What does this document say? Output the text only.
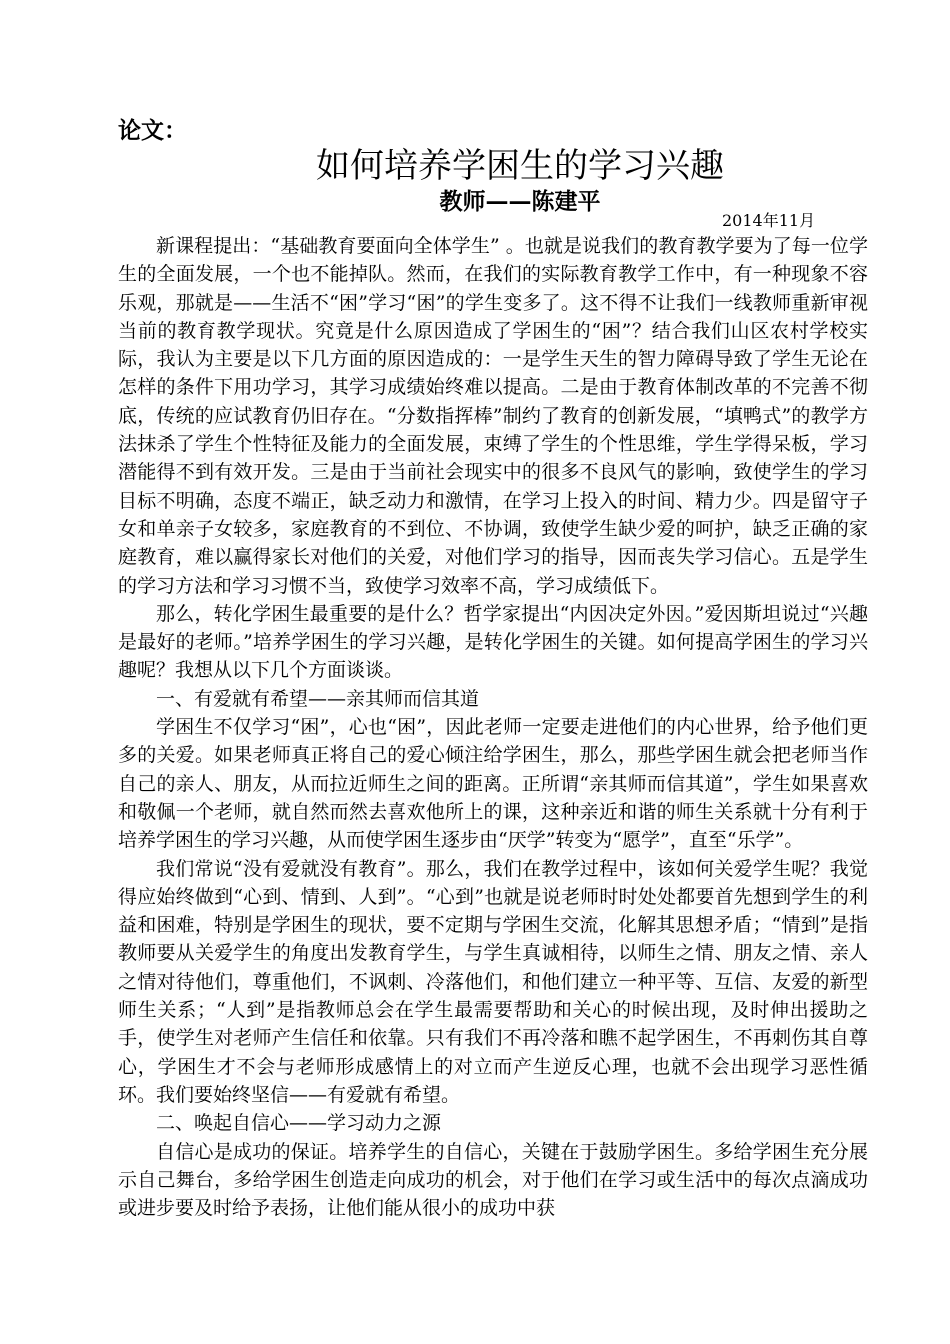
论文：
如何培养学困生的学习兴趣
教师——陈建平
2014年11月

新课程提出：“基础教育要面向全体学生” 。也就是说我们的教育教学要为了每一位学生的全面发展，一个也不能掉队。然而，在我们的实际教育教学工作中，有一种现象不容乐观，那就是——生活不“困”学习“困”的学生变多了。这不得不让我们一线教师重新审视当前的教育教学现状。究竟是什么原因造成了学困生的“困”？结合我们山区农村学校实际，我认为主要是以下几方面的原因造成的：一是学生天生的智力障碍导致了学生无论在怎样的条件下用功学习，其学习成绩始终难以提高。二是由于教育体制改革的不完善不彻底，传统的应试教育仍旧存在。“分数指挥棒”制约了教育的创新发展，“填鸭式”的教学方法抹杀了学生个性特征及能力的全面发展，束缚了学生的个性思维，学生学得呆板，学习潜能得不到有效开发。三是由于当前社会现实中的很多不良风气的影响，致使学生的学习目标不明确，态度不端正，缺乏动力和激情，在学习上投入的时间、精力少。四是留守子女和单亲子女较多，家庭教育的不到位、不协调，致使学生缺少爱的呵护，缺乏正确的家庭教育，难以赢得家长对他们的关爱，对他们学习的指导，因而丧失学习信心。五是学生的学习方法和学习习惯不当，致使学习效率不高，学习成绩低下。

那么，转化学困生最重要的是什么？哲学家提出“内因决定外因。”爱因斯坦说过“兴趣是最好的老师。”培养学困生的学习兴趣，是转化学困生的关键。如何提高学困生的学习兴趣呢？我想从以下几个方面谈谈。

一、有爱就有希望——亲其师而信其道

学困生不仅学习“困”，心也“困”，因此老师一定要走进他们的内心世界，给予他们更多的关爱。如果老师真正将自己的爱心倾注给学困生，那么，那些学困生就会把老师当作自己的亲人、朋友，从而拉近师生之间的距离。正所谓“亲其师而信其道”，学生如果喜欢和敬佩一个老师，就自然而然去喜欢他所上的课，这种亲近和谐的师生关系就十分有利于培养学困生的学习兴趣，从而使学困生逐步由“厌学”转变为“愿学”，直至“乐学”。

我们常说“没有爱就没有教育”。那么，我们在教学过程中，该如何关爱学生呢？我觉得应始终做到“心到、情到、人到”。“心到”也就是说老师时时处处都要首先想到学生的利益和困难，特别是学困生的现状，要不定期与学困生交流，化解其思想矛盾；“情到”是指教师要从关爱学生的角度出发教育学生，与学生真诚相待，以师生之情、朋友之情、亲人之情对待他们，尊重他们，不讽刺、冷落他们，和他们建立一种平等、互信、友爱的新型师生关系；“人到”是指教师总会在学生最需要帮助和关心的时候出现，及时伸出援助之手，使学生对老师产生信任和依靠。只有我们不再冷落和瞧不起学困生，不再刺伤其自尊心，学困生才不会与老师形成感情上的对立而产生逆反心理，也就不会出现学习恶性循环。我们要始终坚信——有爱就有希望。

二、唤起自信心——学习动力之源

自信心是成功的保证。培养学生的自信心，关键在于鼓励学困生。多给学困生充分展示自己舞台，多给学困生创造走向成功的机会，对于他们在学习或生活中的每次点滴成功或进步要及时给予表扬，让他们能从很小的成功中获
